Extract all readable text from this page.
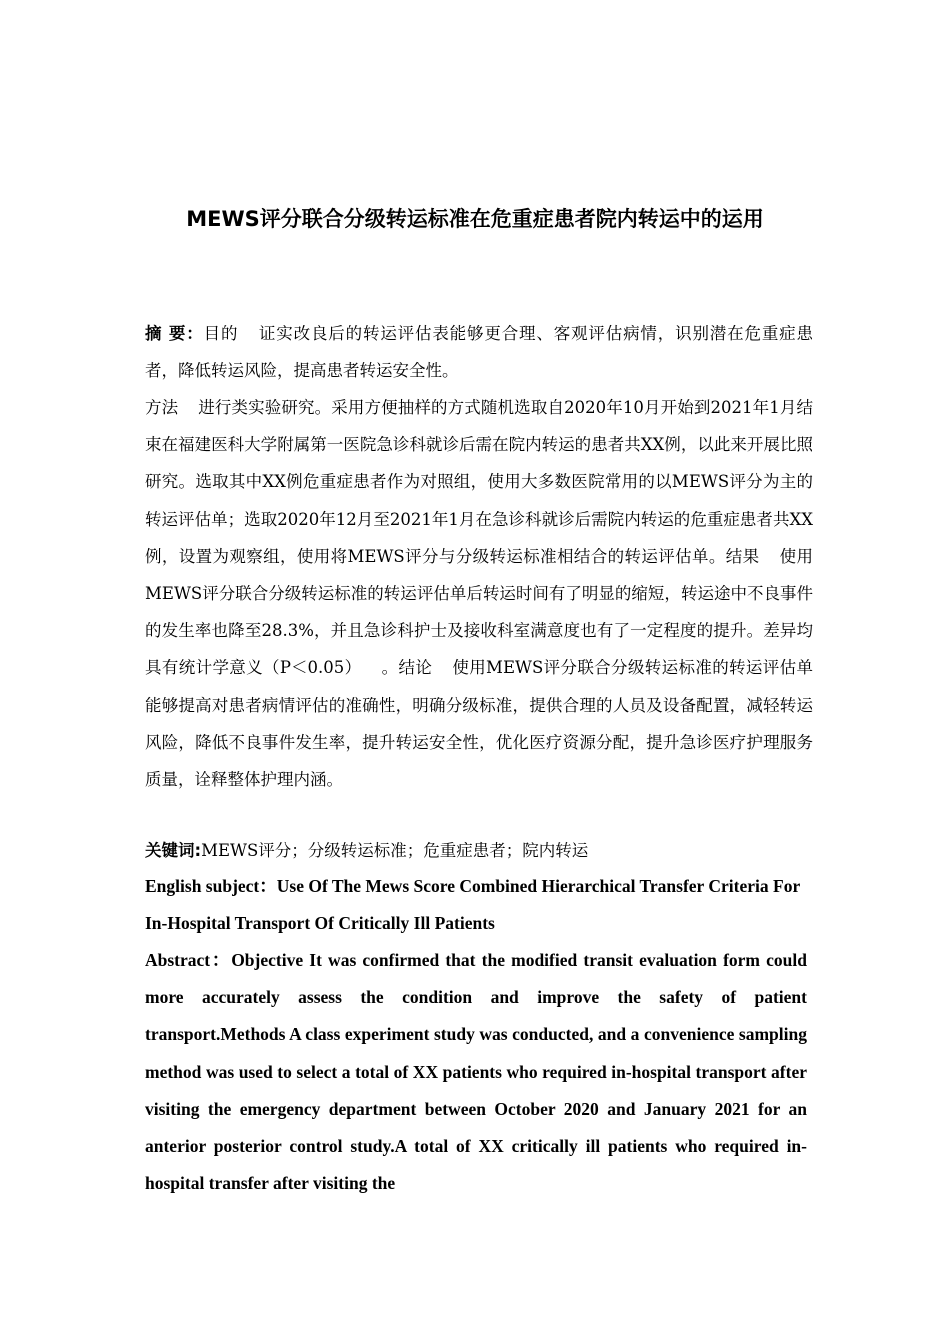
MEWS评分联合分级转运标准在危重症患者院内转运中的运用

摘 要：目的 证实改良后的转运评估表能够更合理、客观评估病情，识别潜在危重症患者，降低转运风险，提高患者转运安全性。

方法 进行类实验研究。采用方便抽样的方式随机选取自2020年10月开始到2021年1月结束在福建医科大学附属第一医院急诊科就诊后需在院内转运的患者共XX例，以此来开展比照研究。选取其中XX例危重症患者作为对照组，使用大多数医院常用的以MEWS评分为主的转运评估单；选取2020年12月至2021年1月在急诊科就诊后需院内转运的危重症患者共XX例，设置为观察组，使用将MEWS评分与分级转运标准相结合的转运评估单。结果 使用MEWS评分联合分级转运标准的转运评估单后转运时间有了明显的缩短，转运途中不良事件的发生率也降至28.3%，并且急诊科护士及接收科室满意度也有了一定程度的提升。差异均具有统计学意义（P＜0.05） 。结论 使用MEWS评分联合分级转运标准的转运评估单能够提高对患者病情评估的准确性，明确分级标准，提供合理的人员及设备配置，减轻转运风险，降低不良事件发生率，提升转运安全性，优化医疗资源分配，提升急诊医疗护理服务质量，诠释整体护理内涵。

关键词:MEWS评分；分级转运标准；危重症患者；院内转运

English subject：Use Of The Mews Score Combined Hierarchical Transfer Criteria For In-Hospital Transport Of Critically Ill Patients

Abstract：Objective It was confirmed that the modified transit evaluation form could more accurately assess the condition and improve the safety of patient transport.Methods A class experiment study was conducted, and a convenience sampling method was used to select a total of XX patients who required in-hospital transport after visiting the emergency department between October 2020 and January 2021 for an anterior posterior control study.A total of XX critically ill patients who required in-hospital transfer after visiting the
